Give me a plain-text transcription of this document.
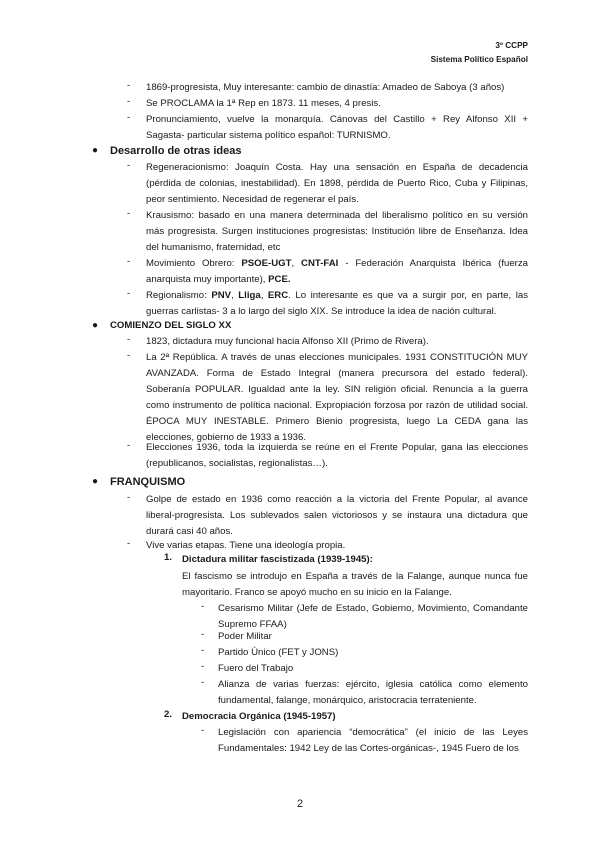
3º CCPP
Sistema Político Español
-	1869-progresista, Muy interesante: cambio de dinastía: Amadeo de Saboya (3 años)
-	Se PROCLAMA la 1ª Rep en 1873. 11 meses, 4 presis.
-	Pronunciamiento, vuelve la monarquía. Cánovas del Castillo + Rey Alfonso XII + Sagasta- particular sistema político español: TURNISMO.
● Desarrollo de otras ideas
-	Regeneracionismo: Joaquín Costa. Hay una sensación en España de decadencia (pérdida de colonias, inestabilidad). En 1898, pérdida de Puerto Rico, Cuba y Filipinas, peor sentimiento. Necesidad de regenerar el país.
-	Krausismo: basado en una manera determinada del liberalismo político en su versión más progresista. Surgen instituciones progresistas: Institución libre de Enseñanza. Idea del humanismo, fraternidad, etc
-	Movimiento Obrero: PSOE-UGT, CNT-FAI - Federación Anarquista Ibérica (fuerza anarquista muy importante), PCE.
-	Regionalismo: PNV, Lliga, ERC. Lo interesante es que va a surgir por, en parte, las guerras carlistas- 3 a lo largo del siglo XIX. Se introduce la idea de nación cultural.
● COMIENZO DEL SIGLO XX
-	1823, dictadura muy funcional hacia Alfonso XII (Primo de Rivera).
-	La 2ª República. A través de unas elecciones municipales. 1931 CONSTITUCIÓN MUY AVANZADA. Forma de Estado Integral (manera precursora del estado federal). Soberanía POPULAR. Igualdad ante la ley. SIN religión oficial. Renuncia a la guerra como instrumento de política nacional. Expropiación forzosa por razón de utilidad social. ÉPOCA MUY INESTABLE. Primero Bienio progresista, luego La CEDA gana las elecciones, gobierno de 1933 a 1936.
-	Elecciones 1936, toda la izquierda se reúne en el Frente Popular, gana las elecciones (republicanos, socialistas, regionalistas…).
● FRANQUISMO
-	Golpe de estado en 1936 como reacción a la victoria del Frente Popular, al avance liberal-progresista. Los sublevados salen victoriosos y se instaura una dictadura que durará casi 40 años.
-	Vive varias etapas. Tiene una ideología propia.
1.	Dictadura militar fascistizada (1939-1945):
El fascismo se introdujo en España a través de la Falange, aunque nunca fue mayoritario. Franco se apoyó mucho en su inicio en la Falange.
-	Cesarismo Militar (Jefe de Estado, Gobierno, Movimiento, Comandante Supremo FFAA)
-	Poder Militar
-	Partido Único (FET y JONS)
-	Fuero del Trabajo
-	Alianza de varias fuerzas: ejército, iglesia católica como elemento fundamental, falange, monárquico, aristocracia terrateniente.
2.	Democracia Orgánica (1945-1957)
-	Legislación con apariencia “democrática” (el inicio de las Leyes Fundamentales: 1942 Ley de las Cortes-orgánicas-, 1945 Fuero de los
2
